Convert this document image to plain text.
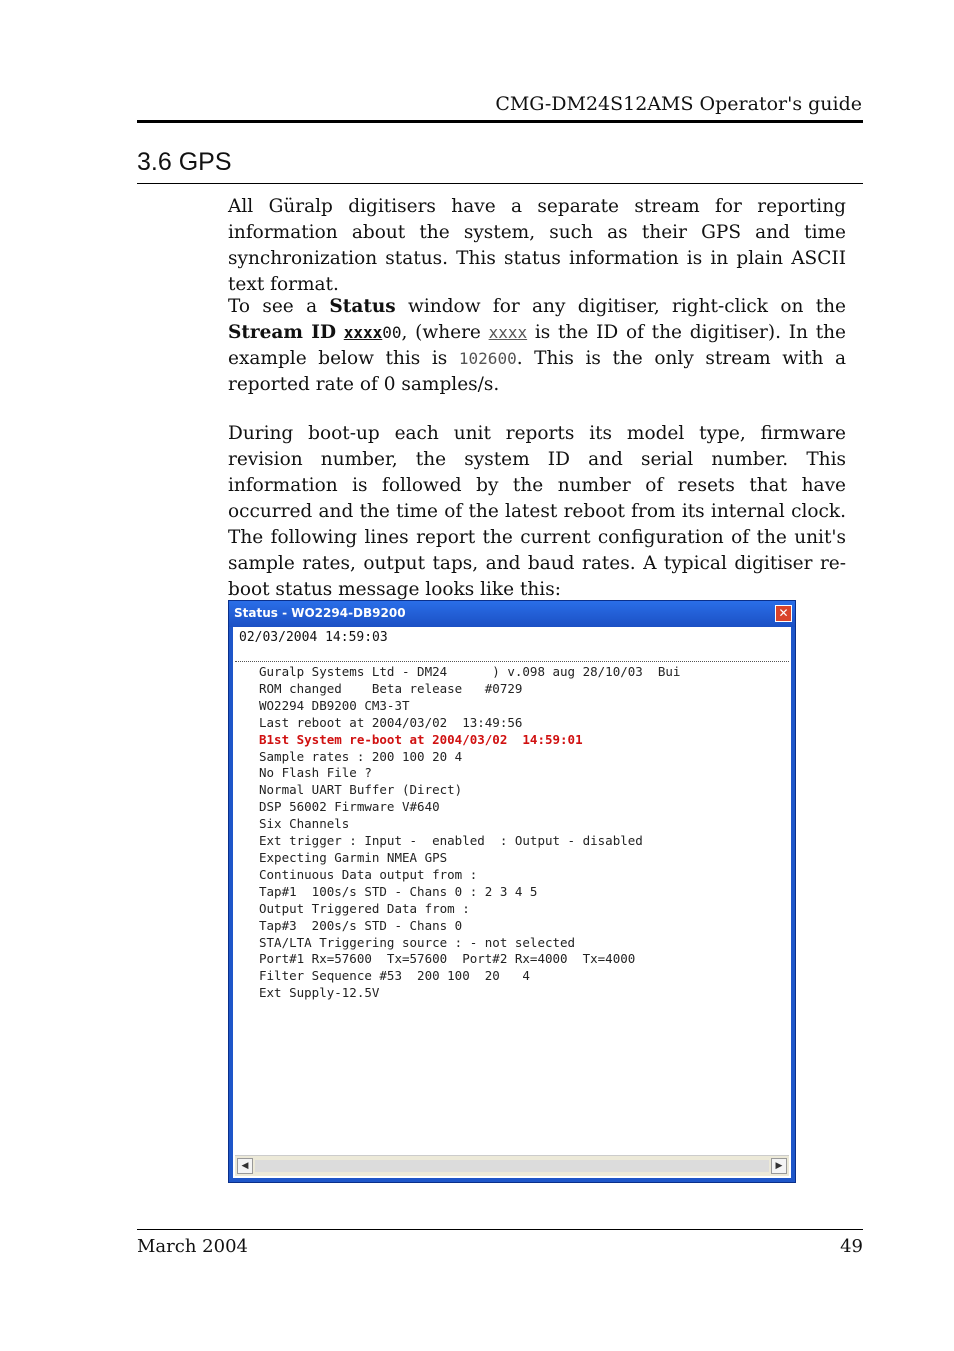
CMG-DM24S12AMS Operator's guide
3.6 GPS

All Güralp digitisers have a separate stream for reporting information about the system, such as their GPS and time synchronization status. This status information is in plain ASCII text format.

To see a Status window for any digitiser, right-click on the Stream ID xxxx00, (where xxxx is the ID of the digitiser). In the example below this is 102600. This is the only stream with a reported rate of 0 samples/s.

During boot-up each unit reports its model type, firmware revision number, the system ID and serial number. This information is followed by the number of resets that have occurred and the time of the latest reboot from its internal clock. The following lines report the current configuration of the unit's sample rates, output taps, and baud rates. A typical digitiser re-boot status message looks like this:

Status - WO2294-DB9200	✕
02/03/2004 14:59:03
Guralp Systems Ltd - DM24      ) v.098 aug 28/10/03  Bui
ROM changed    Beta release   #0729
WO2294 DB9200 CM3-3T
Last reboot at 2004/03/02  13:49:56
B1st System re-boot at 2004/03/02  14:59:01
Sample rates : 200 100 20 4
No Flash File ?
Normal UART Buffer (Direct)
DSP 56002 Firmware V#640
Six Channels
Ext trigger : Input -  enabled  : Output - disabled
Expecting Garmin NMEA GPS
Continuous Data output from :
Tap#1  100s/s STD - Chans 0 : 2 3 4 5
Output Triggered Data from :
Tap#3  200s/s STD - Chans 0
STA/LTA Triggering source : - not selected
Port#1 Rx=57600  Tx=57600  Port#2 Rx=4000  Tx=4000
Filter Sequence #53  200 100  20   4
Ext Supply-12.5V
◀	▶
March 2004	49
